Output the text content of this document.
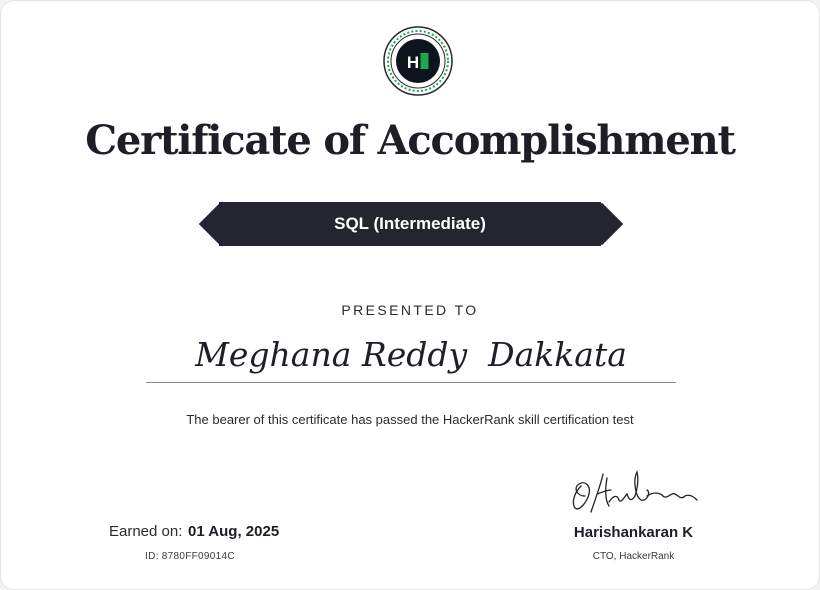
H
Certificate of Accomplishment
SQL (Intermediate)
PRESENTED TO
Meghana Reddy  Dakkata
The bearer of this certificate has passed the HackerRank skill certification test
Earned on: 01 Aug, 2025
ID: 8780FF09014C
Harishankaran K
CTO, HackerRank
